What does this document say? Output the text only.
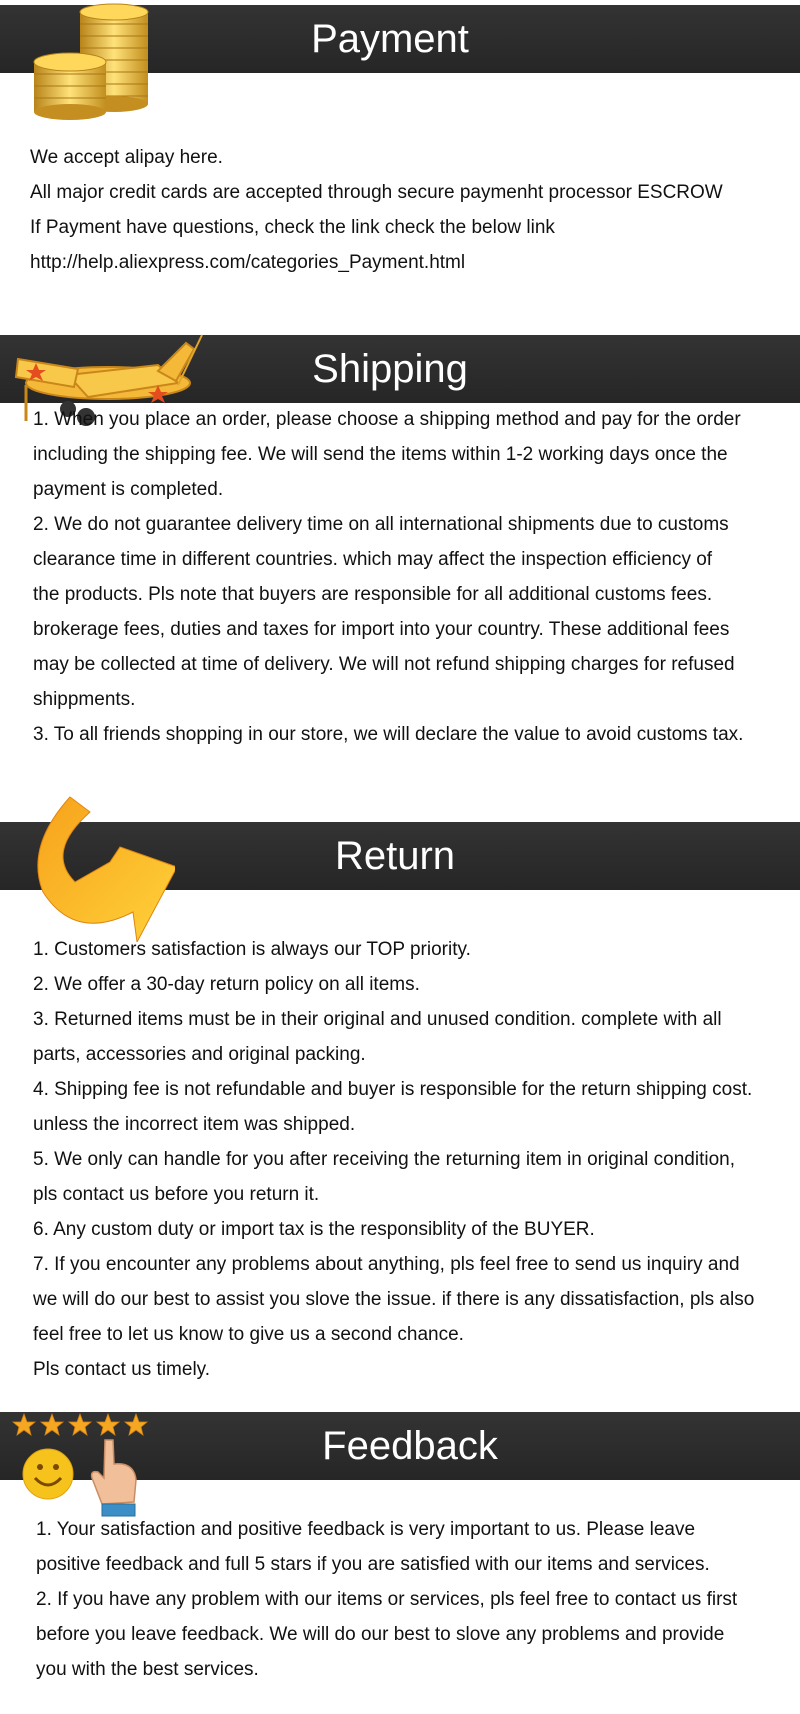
Payment
We accept alipay here.
All major credit cards are accepted through secure paymenht processor ESCROW
If Payment have questions, check the link check the below link
http://help.aliexpress.com/categories_Payment.html
Shipping
1. When you place an order, please choose a shipping method and pay for the order
including the shipping fee. We will send the items within 1-2 working days once the
payment is completed.
2. We do not guarantee delivery time on all international shipments due to customs
clearance time in different countries. which may affect the inspection efficiency of
the products. Pls note that buyers are responsible for all additional customs fees.
brokerage fees, duties and taxes for import into your country. These additional fees
may be collected at time of delivery. We will not refund shipping charges for refused
shippments.
3. To all friends shopping in our store, we will declare the value to avoid customs tax.
Return
1. Customers satisfaction is always our TOP priority.
2. We offer a 30-day return policy on all items.
3. Returned items must be in their original and unused condition. complete with all
parts, accessories and original packing.
4. Shipping fee is not refundable and buyer is responsible for the return shipping cost.
unless the incorrect item was shipped.
5. We only can handle for you after receiving the returning item in original condition,
pls contact us before you return it.
6. Any custom duty or import tax is the responsiblity of the BUYER.
7. If you encounter any problems about anything, pls feel free to send us inquiry and
we will do our best to assist you slove the issue. if there is any dissatisfaction, pls also
feel free to let us know to give us a second chance.
Pls contact us timely.
Feedback
1. Your satisfaction and positive feedback is very important to us. Please leave
positive feedback and full 5 stars if you are satisfied with our items and services.
2. If you have any problem with our items or services, pls feel free to contact us first
before you leave feedback. We will do our best to slove any problems and provide
you with the best services.
